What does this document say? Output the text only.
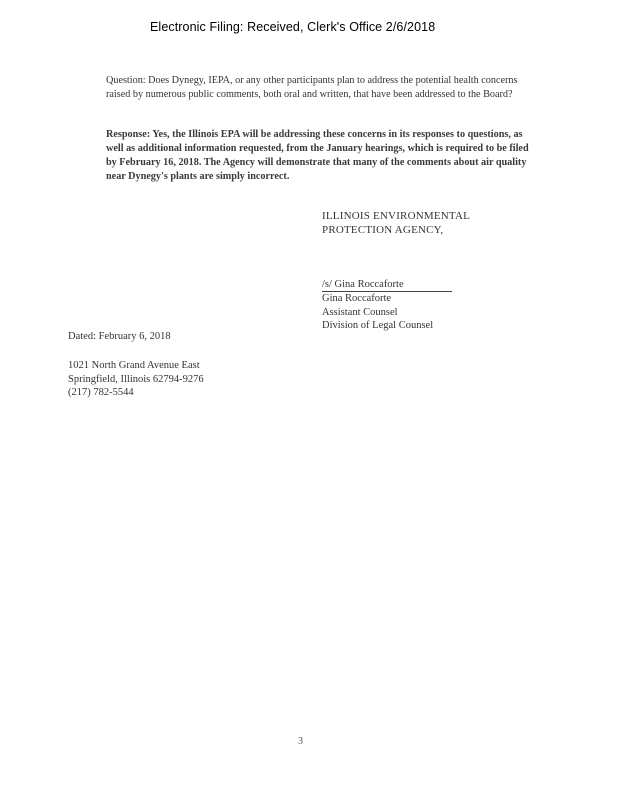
Electronic Filing: Received, Clerk's Office 2/6/2018

Question: Does Dynegy, IEPA, or any other participants plan to address the potential health concerns raised by numerous public comments, both oral and written, that have been addressed to the Board?

Response: Yes, the Illinois EPA will be addressing these concerns in its responses to questions, as well as additional information requested, from the January hearings, which is required to be filed by February 16, 2018. The Agency will demonstrate that many of the comments about air quality near Dynegy's plants are simply incorrect.

ILLINOIS ENVIRONMENTAL
PROTECTION AGENCY,
/s/ Gina Roccaforte
Gina Roccaforte
Assistant Counsel
Division of Legal Counsel
Dated: February 6, 2018
1021 North Grand Avenue East
Springfield, Illinois 62794-9276
(217) 782-5544
3
